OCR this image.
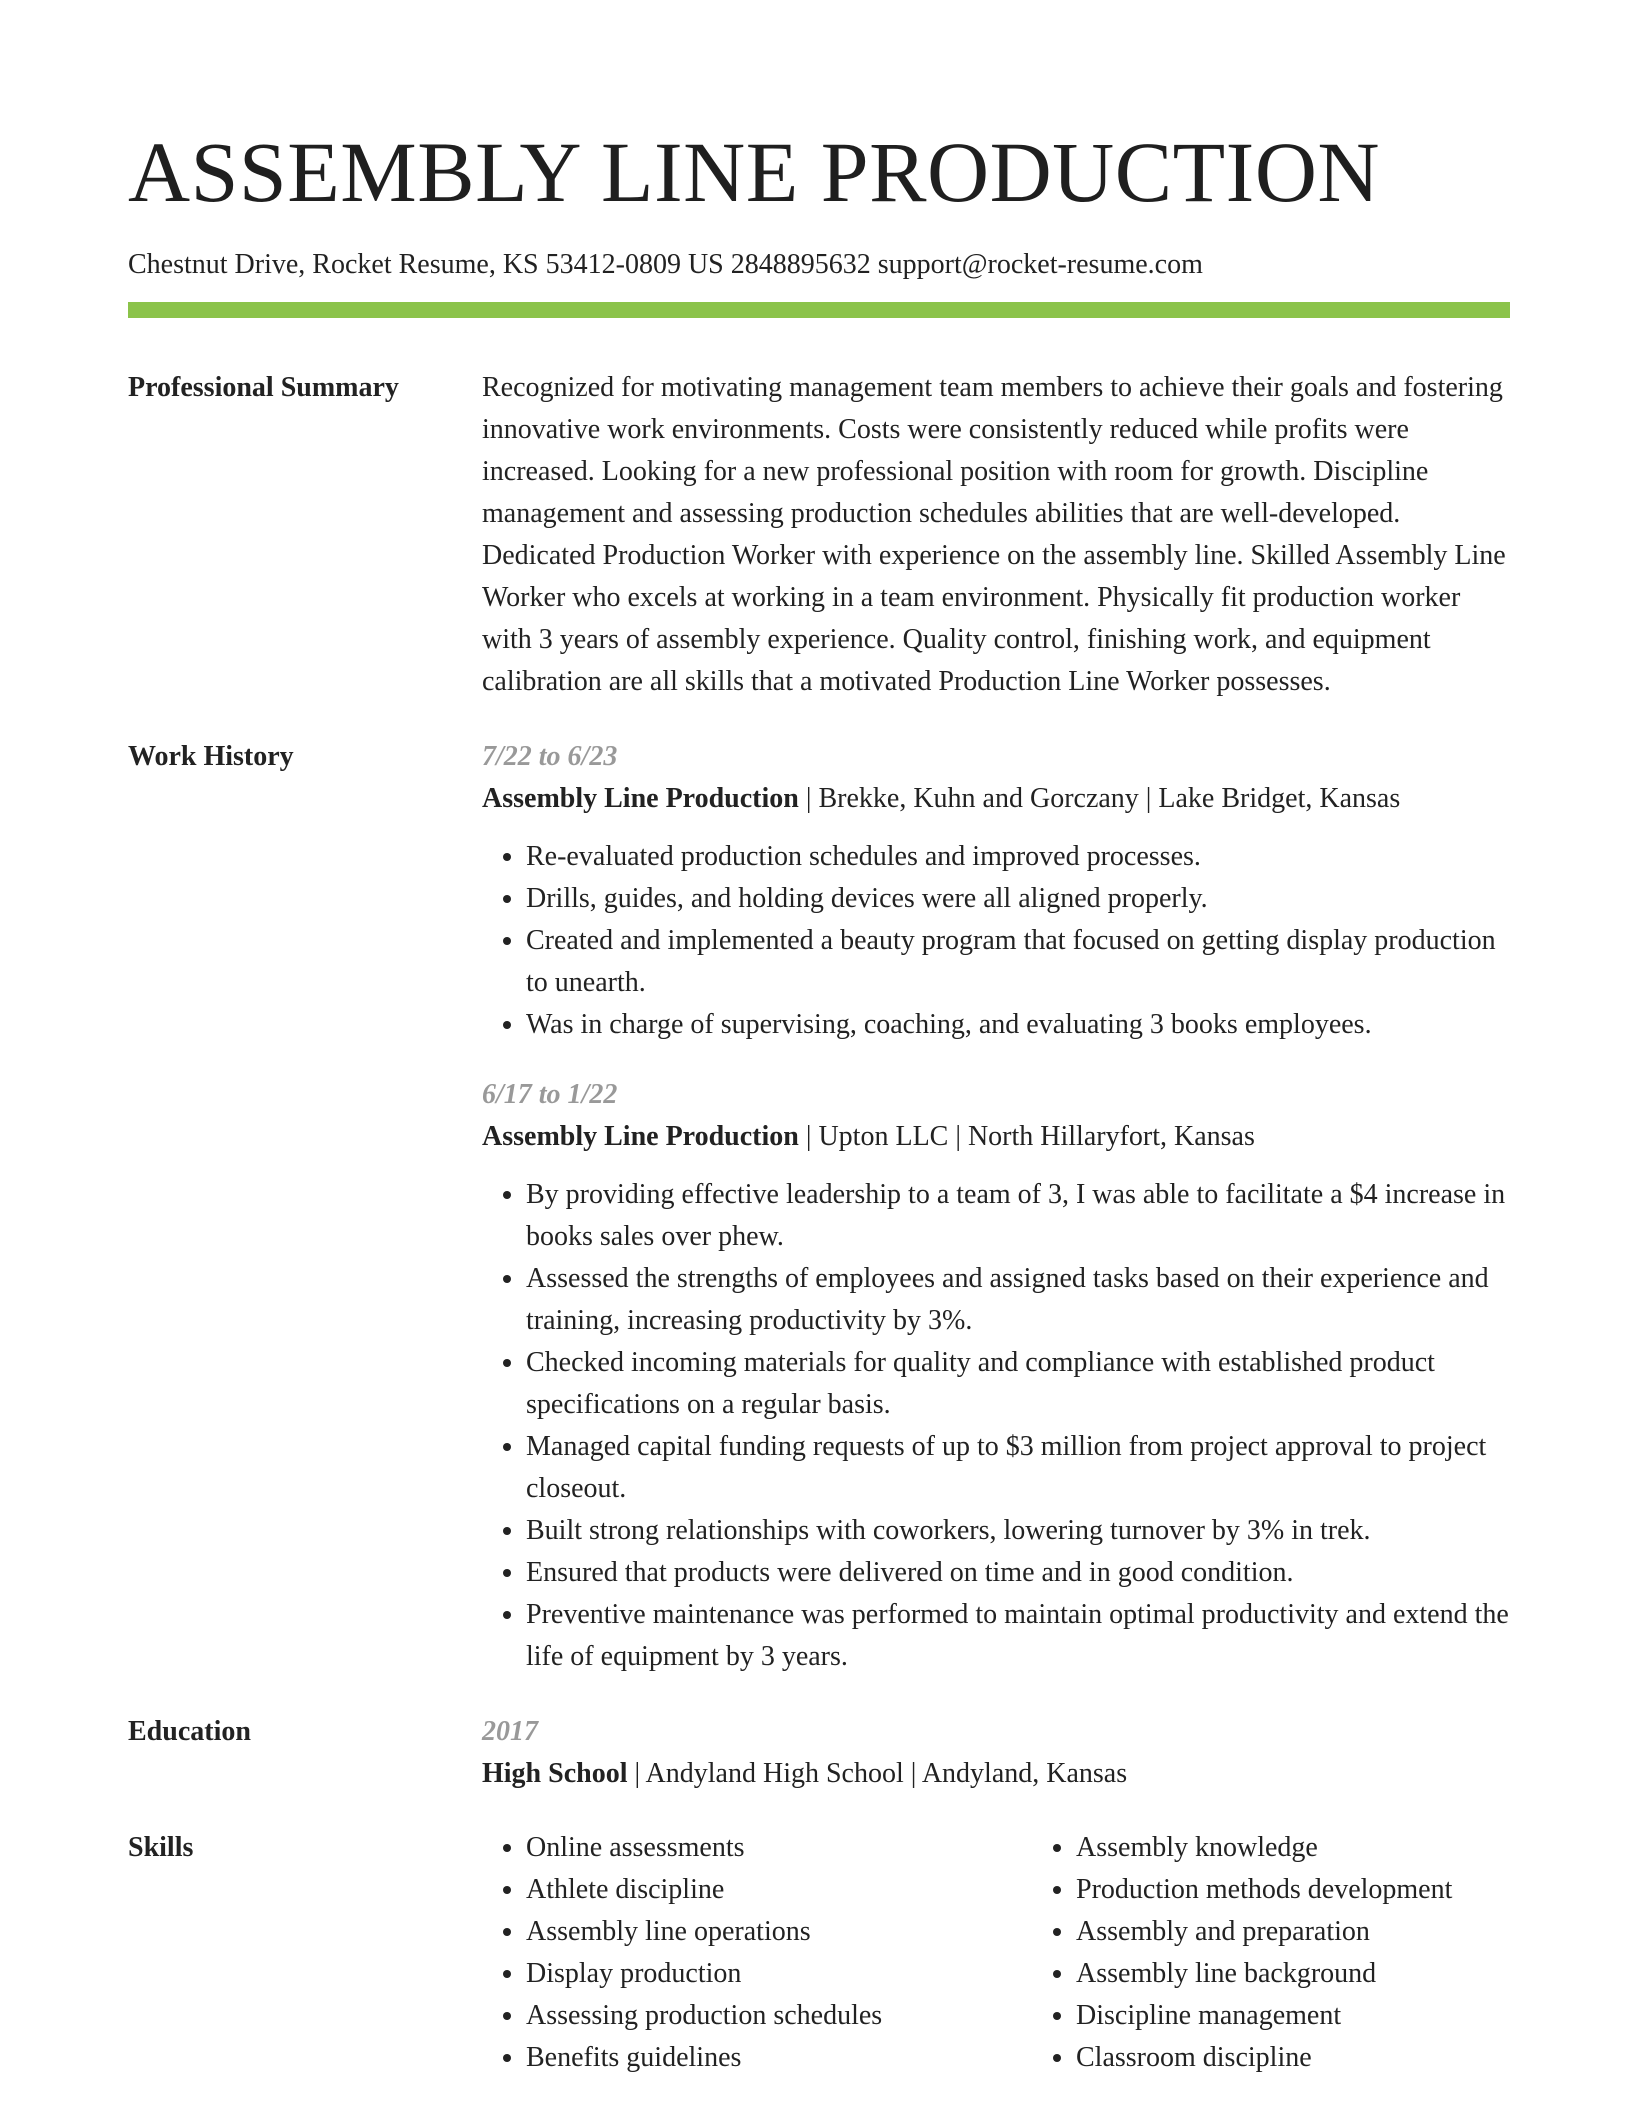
ASSEMBLY LINE PRODUCTION
Chestnut Drive, Rocket Resume, KS 53412-0809 US 2848895632 support@rocket-resume.com
Professional Summary	Recognized for motivating management team members to achieve their goals and fostering innovative work environments. Costs were consistently reduced while profits were increased. Looking for a new professional position with room for growth. Discipline management and assessing production schedules abilities that are well-developed. Dedicated Production Worker with experience on the assembly line. Skilled Assembly Line Worker who excels at working in a team environment. Physically fit production worker with 3 years of assembly experience. Quality control, finishing work, and equipment calibration are all skills that a motivated Production Line Worker possesses.
Work History	7/22 to 6/23
Assembly Line Production | Brekke, Kuhn and Gorczany | Lake Bridget, Kansas
• Re-evaluated production schedules and improved processes.
• Drills, guides, and holding devices were all aligned properly.
• Created and implemented a beauty program that focused on getting display production to unearth.
• Was in charge of supervising, coaching, and evaluating 3 books employees.
6/17 to 1/22
Assembly Line Production | Upton LLC | North Hillaryfort, Kansas
• By providing effective leadership to a team of 3, I was able to facilitate a $4 increase in books sales over phew.
• Assessed the strengths of employees and assigned tasks based on their experience and training, increasing productivity by 3%.
• Checked incoming materials for quality and compliance with established product specifications on a regular basis.
• Managed capital funding requests of up to $3 million from project approval to project closeout.
• Built strong relationships with coworkers, lowering turnover by 3% in trek.
• Ensured that products were delivered on time and in good condition.
• Preventive maintenance was performed to maintain optimal productivity and extend the life of equipment by 3 years.
Education	2017
High School | Andyland High School | Andyland, Kansas
Skills
•	Online assessments
• Athlete discipline
• Assembly line operations
• Display production
• Assessing production schedules
• Benefits guidelines
• Assembly knowledge
• Production methods development
• Assembly and preparation
• Assembly line background
• Discipline management
• Classroom discipline
